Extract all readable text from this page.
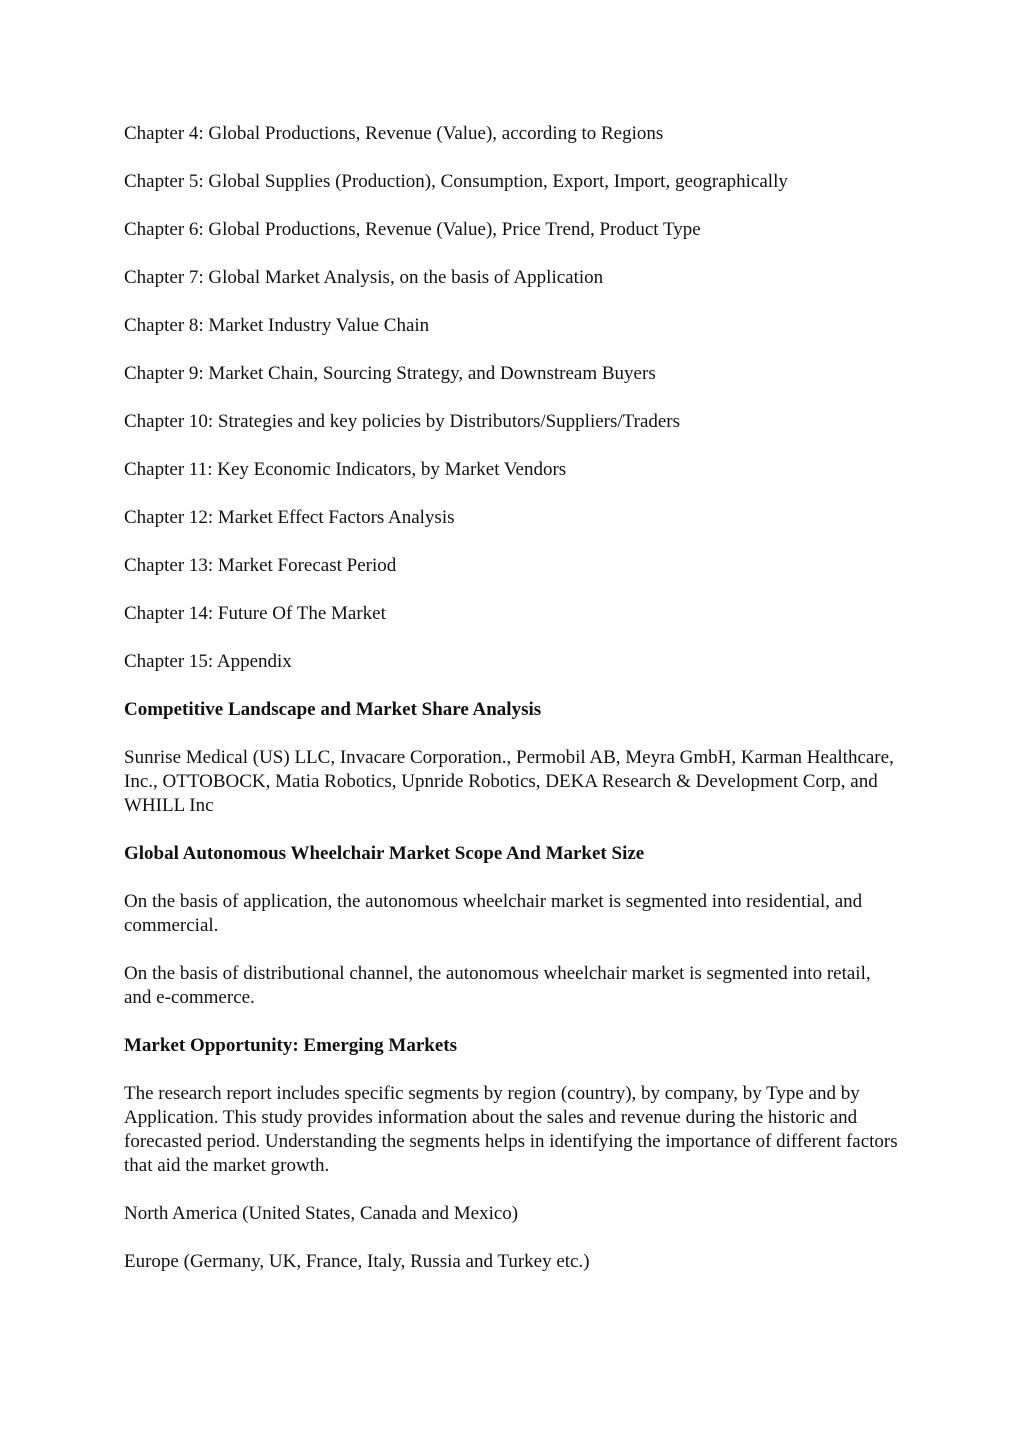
Chapter 4: Global Productions, Revenue (Value), according to Regions

Chapter 5: Global Supplies (Production), Consumption, Export, Import, geographically

Chapter 6: Global Productions, Revenue (Value), Price Trend, Product Type

Chapter 7: Global Market Analysis, on the basis of Application

Chapter 8: Market Industry Value Chain

Chapter 9: Market Chain, Sourcing Strategy, and Downstream Buyers

Chapter 10: Strategies and key policies by Distributors/Suppliers/Traders

Chapter 11: Key Economic Indicators, by Market Vendors

Chapter 12: Market Effect Factors Analysis

Chapter 13: Market Forecast Period

Chapter 14: Future Of The Market

Chapter 15: Appendix

Competitive Landscape and Market Share Analysis

Sunrise Medical (US) LLC, Invacare Corporation., Permobil AB, Meyra GmbH, Karman Healthcare, Inc., OTTOBOCK, Matia Robotics, Upnride Robotics, DEKA Research & Development Corp, and WHILL Inc

Global Autonomous Wheelchair Market Scope And Market Size

On the basis of application, the autonomous wheelchair market is segmented into residential, and commercial.

On the basis of distributional channel, the autonomous wheelchair market is segmented into retail, and e-commerce.

Market Opportunity: Emerging Markets

The research report includes specific segments by region (country), by company, by Type and by Application. This study provides information about the sales and revenue during the historic and forecasted period. Understanding the segments helps in identifying the importance of different factors that aid the market growth.

North America (United States, Canada and Mexico)

Europe (Germany, UK, France, Italy, Russia and Turkey etc.)
